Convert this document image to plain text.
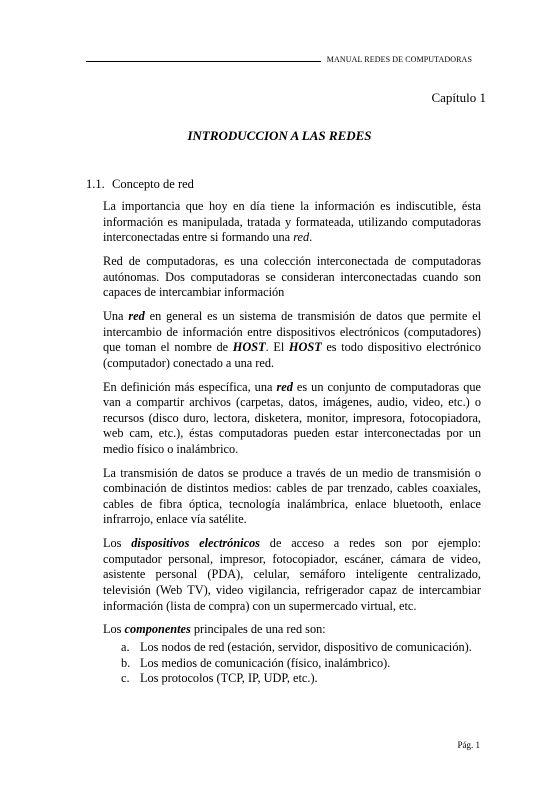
MANUAL REDES DE COMPUTADORAS
Capítulo 1
INTRODUCCION A LAS REDES
1.1. Concepto de red

La importancia que hoy en día tiene la información es indiscutible, ésta información es manipulada, tratada y formateada, utilizando computadoras interconectadas entre si formando una red.

Red de computadoras, es una colección interconectada de computadoras autónomas. Dos computadoras se consideran interconectadas cuando son capaces de intercambiar información

Una red en general es un sistema de transmisión de datos que permite el intercambio de información entre dispositivos electrónicos (computadores) que toman el nombre de HOST. El HOST es todo dispositivo electrónico (computador) conectado a una red.

En definición más específica, una red es un conjunto de computadoras que van a compartir archivos (carpetas, datos, imágenes, audio, video, etc.) o recursos (disco duro, lectora, disketera, monitor, impresora, fotocopiadora, web cam, etc.), éstas computadoras pueden estar interconectadas por un medio físico o inalámbrico.

La transmisión de datos se produce a través de un medio de transmisión o combinación de distintos medios: cables de par trenzado, cables coaxiales, cables de fibra óptica, tecnología inalámbrica, enlace bluetooth, enlace infrarrojo, enlace vía satélite.

Los dispositivos electrónicos de acceso a redes son por ejemplo: computador personal, impresor, fotocopiador, escáner, cámara de video, asistente personal (PDA), celular, semáforo inteligente centralizado, televisión (Web TV), video vigilancia, refrigerador capaz de intercambiar información (lista de compra) con un supermercado virtual, etc.

Los componentes principales de una red son:

a. Los nodos de red (estación, servidor, dispositivo de comunicación).
b. Los medios de comunicación (físico, inalámbrico).
c. Los protocolos (TCP, IP, UDP, etc.).
Pág. 1
